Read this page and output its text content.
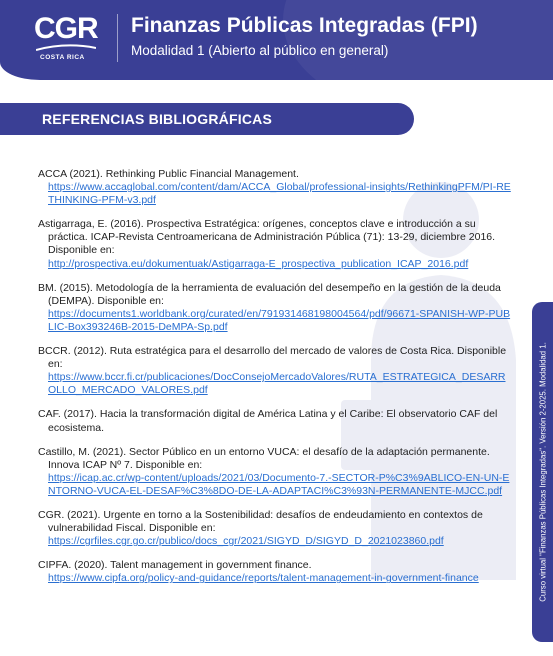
CGR
COSTA RICA
Finanzas Públicas Integradas (FPI)
Modalidad 1 (Abierto al público en general)
REFERENCIAS BIBLIOGRÁFICAS
ACCA (2021). Rethinking Public Financial Management.
https://www.accaglobal.com/content/dam/ACCA_Global/professional-insights/RethinkingPFM/PI-RETHINKING-PFM-v3.pdf
Astigarraga, E. (2016). Prospectiva Estratégica: orígenes, conceptos clave e introducción a su práctica. ICAP-Revista Centroamericana de Administración Pública (71): 13-29, diciembre 2016. Disponible en:
http://prospectiva.eu/dokumentuak/Astigarraga-E_prospectiva_publication_ICAP_2016.pdf
BM. (2015). Metodología de la herramienta de evaluación del desempeño en la gestión de la deuda (DEMPA). Disponible en:
https://documents1.worldbank.org/curated/en/791931468198004564/pdf/96671-SPANISH-WP-PUBLIC-Box393246B-2015-DeMPA-Sp.pdf
BCCR. (2012). Ruta estratégica para el desarrollo del mercado de valores de Costa Rica. Disponible en:
https://www.bccr.fi.cr/publicaciones/DocConsejoMercadoValores/RUTA_ESTRATEGICA_DESARROLLO_MERCADO_VALORES.pdf
CAF. (2017). Hacia la transformación digital de América Latina y el Caribe: El observatorio CAF del ecosistema.
Castillo, M. (2021). Sector Público en un entorno VUCA: el desafío de la adaptación permanente. Innova ICAP Nº 7. Disponible en:
https://icap.ac.cr/wp-content/uploads/2021/03/Documento-7.-SECTOR-P%C3%9ABLICO-EN-UN-ENTORNO-VUCA-EL-DESAF%C3%8DO-DE-LA-ADAPTACI%C3%93N-PERMANENTE-MJCC.pdf
CGR. (2021). Urgente en torno a la Sostenibilidad: desafíos de endeudamiento en contextos de vulnerabilidad Fiscal. Disponible en:
https://cgrfiles.cgr.go.cr/publico/docs_cgr/2021/SIGYD_D/SIGYD_D_2021023860.pdf
CIPFA. (2020). Talent management in government finance.
https://www.cipfa.org/policy-and-guidance/reports/talent-management-in-government-finance	Curso virtual "Finanzas Públicas Integradas". Versión 2-2025. Modalidad 1.
